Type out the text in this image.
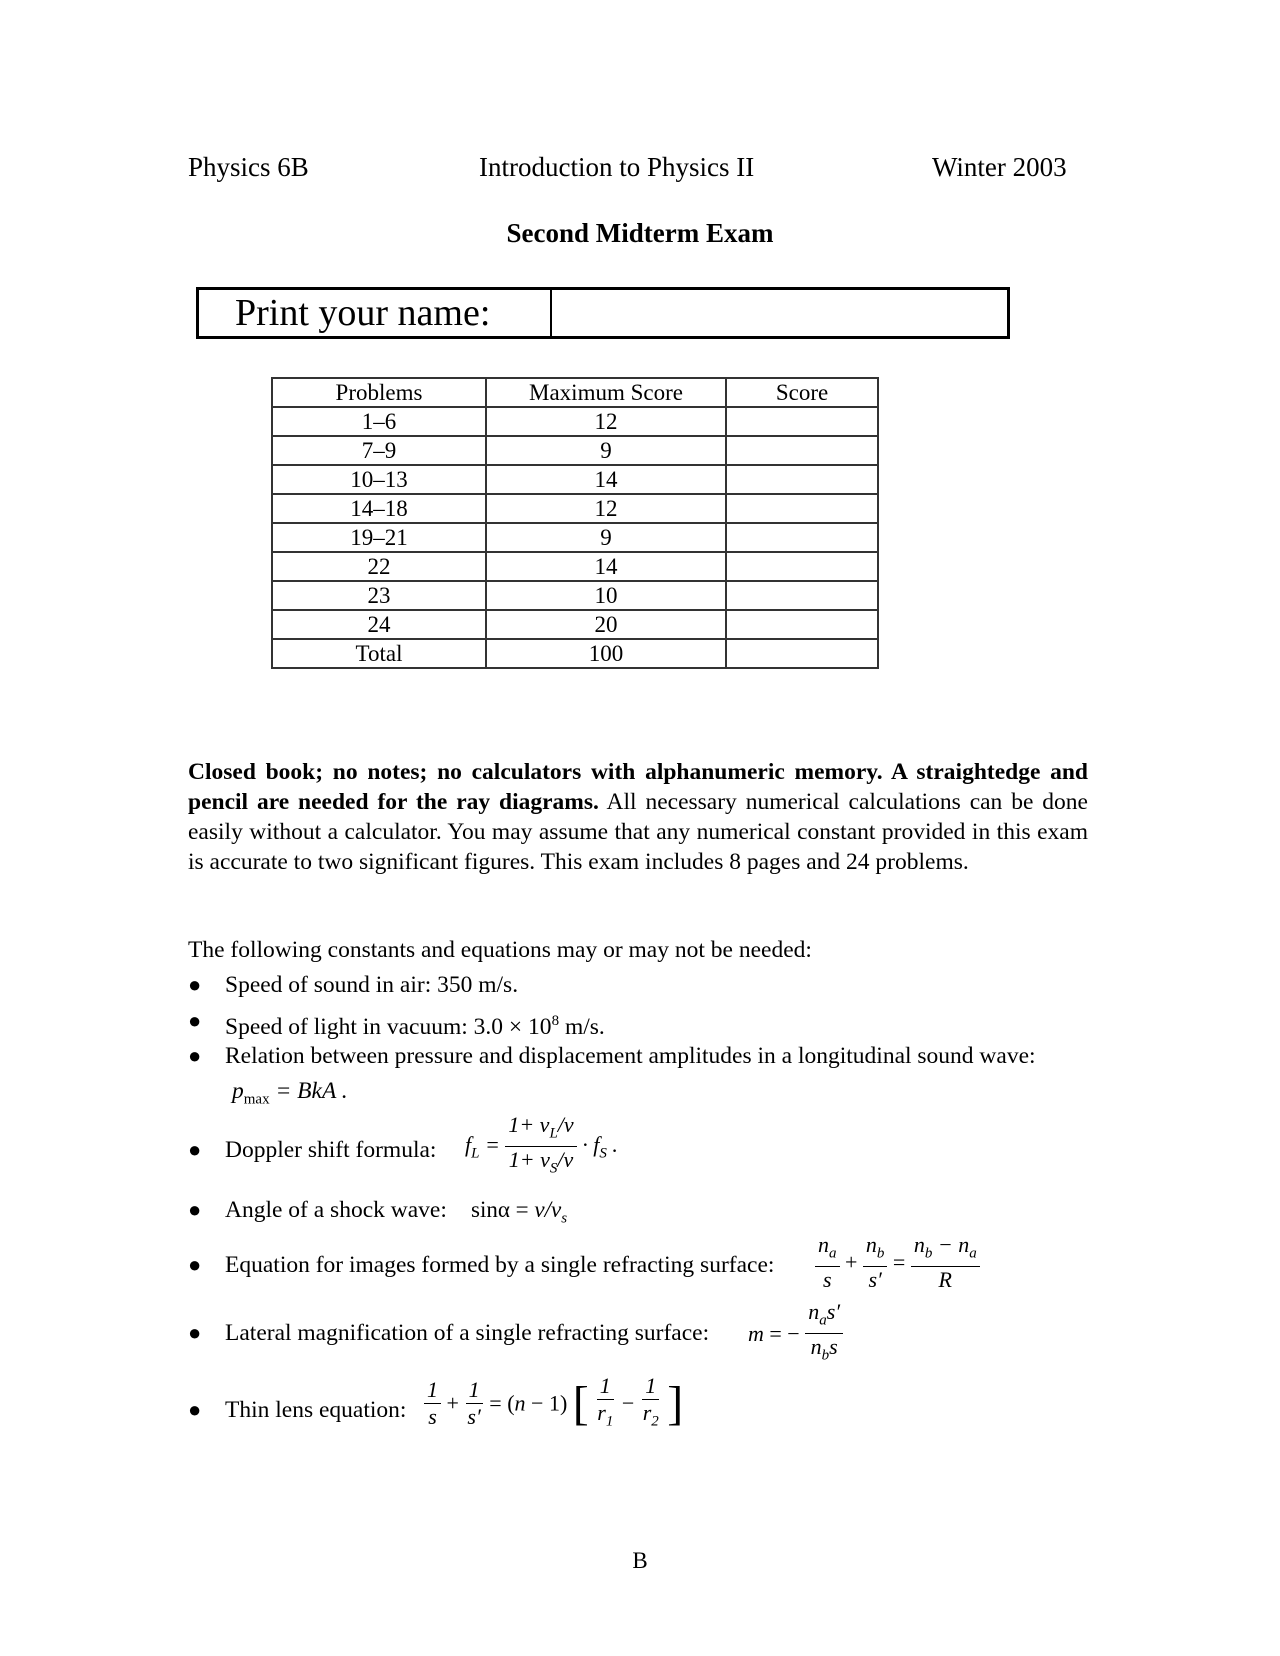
Physics 6B	Introduction to Physics II	Winter 2003
Second Midterm Exam
Print your name:
Problems	Maximum Score	Score
1–6	12	
7–9	9	
10–13	14	
14–18	12	
19–21	9	
22	14	
23	10	
24	20	
Total	100	
Closed book; no notes; no calculators with alphanumeric memory. A straightedge and pencil are needed for the ray diagrams. All necessary numerical calculations can be done easily without a calculator. You may assume that any numerical constant provided in this exam is accurate to two significant figures. This exam includes 8 pages and 24 problems.
The following constants and equations may or may not be needed:
● Speed of sound in air: 350 m/s.
● Speed of light in vacuum: $3.0 \times 10^8$ m/s.
● Relation between pressure and displacement amplitudes in a longitudinal sound wave:
$p_{max}$ = BkA .
● Doppler shift formula: $f_L = \frac{1+ v_L/v}{1+ v_S/v} \cdot f_S$ .
● Angle of a shock wave: $\sin\alpha = v/v_s$
● Equation for images formed by a single refracting surface: $\frac{n_a}{s} + \frac{n_b}{s'} = \frac{n_b - n_a}{R}$
● Lateral magnification of a single refracting surface: m = − $\frac{n_as'}{n_bs}$
● Thin lens equation: $\frac{1}{s} + \frac{1}{s'} = (n - 1)$ [ $\frac{1}{r_1} - \frac{1}{r_2}$ ]
B
